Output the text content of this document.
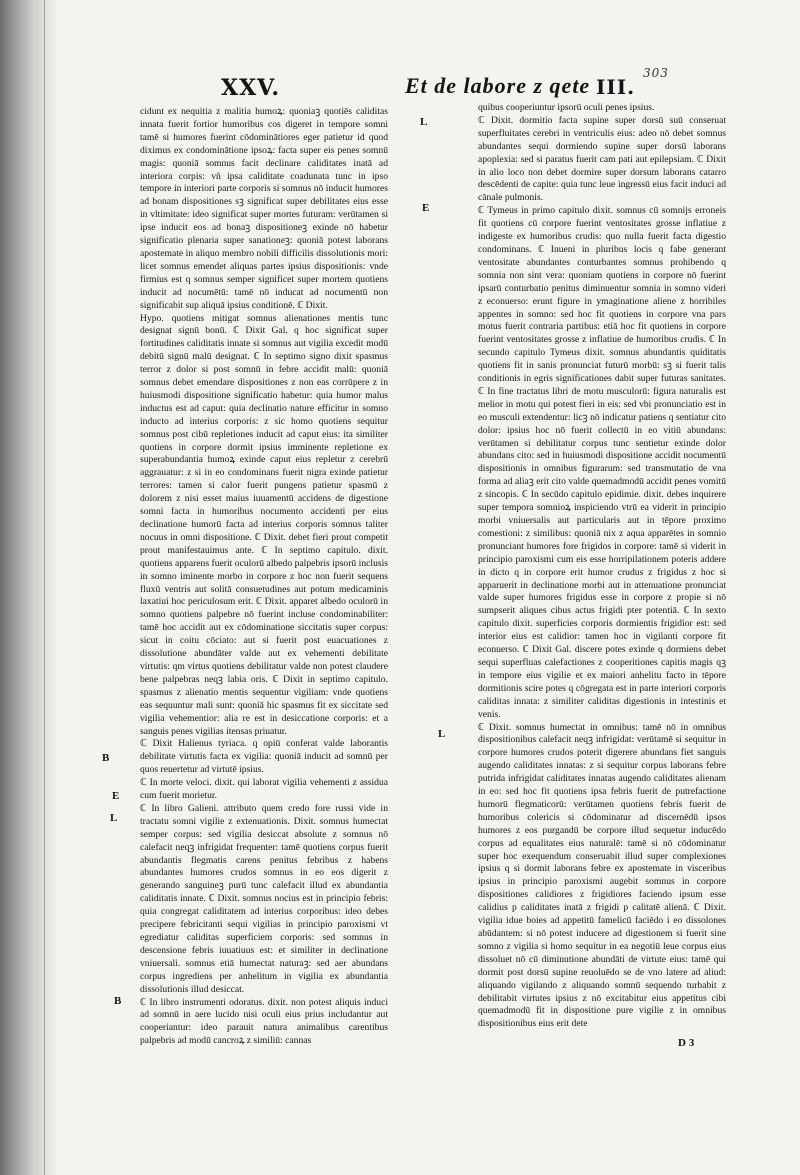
XXV.	Et de labore z qete III.
303

cidunt ex nequitia z malitia humoꝝ: quoniaꝫ quotiēs caliditas innata fuerit fortior humoribus cos digeret in tempore somni tamē si humores fuerint cōdominātiores eger patietur id quod diximus ex condominātione ipsoꝝ: facta super eis penes somnū magis: quoniā somnus facit declinare caliditates inatā ad interiora corpis: vñ ipsa caliditate coadunata tunc in ipso tempore in interiori parte corporis si somnus nō inducit humores ad bonam dispositiones sꝫ significat super debilitates eius esse in vltimitate: ideo significat super mortes futuram: verūtamen si ipse inducit eos ad bonaꝫ dispositioneꝫ exinde nō habetur significatio plenaria super sanationeꝫ: quoniā potest laborans apostemate in aliquo membro nobili difficilis dissolutionis mori: licet somnus emendet aliquas partes ipsius dispositionis: vnde firmius est q somnus semper significet super mortem quotiens inducit ad nocumētū: tamē nō inducat ad nocumentū non significabit sup aliquā ipsius conditionē. ℂ Dixit.

Hypo. quotiens mitigat somnus alienationes mentis tunc designat signū bonū. ℂ Dixit Gal. q hoc significat super fortitudines caliditatis innate si somnus aut vigilia excedit modū debitū signū malū designat. ℂ In septimo signo dixit spasmus terror z dolor si post somnū in febre accidit malū: quoniā somnus debet emendare dispositiones z non eas corrūpere z in huiusmodi dispositione significatio habetur: quia humor malus inductus est ad caput: quia declinatio nature efficitur in somno inducto ad interius corporis: z sic homo quotiens sequitur somnus post cibū repletiones inducit ad caput eius: ita similiter quotiens in corpore dormit ipsius imminente repletione ex superabundantia humoꝝ exinde caput eius repletur z cerebrū aggrauatur: z si in eo condominans fuerit nigra exinde patietur terrores: tamen si calor fuerit pungens patietur spasmū z dolorem z nisi esset maius iuuamentū accidens de digestione somni facta in humoribus nocumento accidenti per eius declinatione humorū facta ad interius corporis somnus taliter nocuus in omni dispositione. ℂ Dixit. debet fieri prout competit prout manifestauimus ante. ℂ In septimo capitulo. dixit. quotiens apparens fuerit oculorū albedo palpebris ipsorū inclusis in somno iminente morbo in corpore z hoc non fuerit sequens fluxū ventris aut solitā consuetudines aut potum medicaminis laxatiui hoc periculosum erit. ℂ Dixit. apparet albedo oculorū in somno quotiens palpebre nō fuerint incluse condominabiliter: tamē hoc accidit aut ex cōdominatione siccitatis super corpus: sicut in coitu cōciato: aut si fuerit post euacuationes z dissolutione abundāter valde aut ex vehementi debilitate virtutis: qm virtus quotiens debilitatur valde non potest claudere bene palpebras neqꝫ labia oris. ℂ Dixit in septimo capitulo. spasmus z alienatio mentis sequentur vigiliam: vnde quotiens eas sequuntur mali sunt: quoniā hic spasmus fit ex siccitate sed vigilia vehementior: alia re est in desiccatione corporis: et a sanguis penes vigilias itensas priuatur.

ℂ Dixit Halienus tyriaca. q opiū conferat valde laborantis debilitate virtutis facta ex vigilia: quoniā inducit ad somnū per quos reuertetur ad virtutē ipsius.

ℂ In morte veloci. dixit. qui laborat vigilia vehementi z assidua cum fuerit morietur.

ℂ In libro Galieni. attributo quem credo fore russi vide in tractatu somni vigilie z extenuationis. Dixit. somnus humectat semper corpus: sed vigilia desiccat absolute z somnus nō calefacit neqꝫ infrigidat frequenter: tamē quotiens corpus fuerit abundantis flegmatis carens penitus febribus z habens abundantes humores crudos somnus in eo eos digerit z generando sanguineꝫ purū tunc calefacit illud ex abundantia caliditatis innate. ℂ Dixit. somnus nocius est in principio febris: quia congregat caliditatem ad interius corporibus: ideo debes precipere febricitanti sequi vigilias in principio paroxismi vt egrediatur caliditas superficiem corporis: sed somnus in descensione febris iuuatiuus est: et similiter in declinatione vniuersali. somnus etiā humectat naturaꝫ: sed aer abundans corpus ingrediens per anhelitum in vigilia ex abundantia dissolutionis illud desiccat.

ℂ In libro instrumenti odoratus. dixit. non potest aliquis induci ad somnū in aere lucido nisi oculi eius prius includantur aut cooperiantur: ideo parauit natura animalibus carentibus palpebris ad modū cancroꝝ z similiū: cannas

B
E
L
B

quibus cooperiuntur ipsorū oculi penes ipsius.

ℂ Dixit. dormitio facta supine super dorsū suū conseruat superfluitates cerebri in ventriculis eius: adeo nō debet somnus abundantes sequi dormiendo supine super dorsū laborans apoplexia: sed si paratus fuerit cam pati aut epilepsiam. ℂ Dixit in alio loco non debet dormire super dorsum laborans catarro descēdenti de capite: quia tunc leue ingressū eius facit induci ad cānale pulmonis.

ℂ Tymeus in primo capitulo dixit. somnus cū somnijs erroneis fit quotiens cū corpore fuerint ventositates grosse inflatiue z indigeste ex humoribus crudis: quo nulla fuerit facta digestio condominans. ℂ Inueni in pluribus locis q fabe generant ventositate abundantes conturbantes somnus prohibendo q somnia non sint vera: quoniam quotiens in corpore nō fuerint ipsarū conturbatio penitus diminuentur somnia in somno videri z econuerso: erunt figure in ymaginatione aliene z horribiles appentes in somno: sed hoc fit quotiens in corpore vna pars motus fuerit contraria partibus: etiā hoc fit quotiens in corpore fuerint ventositates grosse z inflatiue de humoribus crudis. ℂ In secundo capitulo Tymeus dixit. somnus abundantis quiditatis quotiens fit in sanis pronunciat futurū morbū: sꝫ si fuerit talis conditionis in egris significationes dabit super futuras sanitates. ℂ In fine tractatus libri de motu musculorū: figura naturalis est melior in motu qui potest fieri in eis: sed vbi pronunciatio est in eo musculi extendentur: licꝫ nō indicatur patiens q sentiatur cito dolor: ipsius hoc nō fuerit collectū in eo vitiū abundans: verūtamen si debilitatur corpus tunc sentietur exinde dolor abundans cito: sed in huiusmodi dispositione accidit nocumentū dispositionis in omnibus figurarum: sed transmutatio de vna forma ad aliaꝫ erit cito valde quemadmodū accidit penes vomitū z sincopis. ℂ In secūdo capitulo epidimie. dixit. debes inquirere super tempora somnioꝝ inspiciendo vtrū ea viderit in principio morbi vniuersalis aut particularis aut in tēpore proximo comestioni: z similibus: quoniā nix z aqua apparētes in somnio pronunciant humores fore frigidos in corpore: tamē si viderit in principio paroxismi cum eis esse horripilationem poteris addere in dicto q in corpore erit humor crudus z frigidus z hoc si apparuerit in declinatione morbi aut in attenuatione pronunciat valde super humores frigidus esse in corpore z propie si nō sumpserit aliques cibus actus frigidi pter potentiā. ℂ In sexto capitulo dixit. superficies corporis dormientis frigidior est: sed interior eius est calidior: tamen hoc in vigilanti corpore fit econuerso. ℂ Dixit Gal. discere potes exinde q dormiens debet sequi superfluas calefactiones z cooperitiones capitis magis qꝫ in tempore eius vigilie et ex maiori anhelitu facto in tēpore dormitionis scire potes q cōgregata est in parte interiori corporis caliditas innata: z similiter caliditas digestionis in intestinis et venis.

ℂ Dixit. somnus humectat in omnibus: tamē nō in omnibus dispositionibus calefacit neqꝫ infrigidat: verūtamē si sequitur in corpore humores crudos poterit digerere abundans fiet sanguis augendo caliditates innatas: z si sequitur corpus laborans febre putrida infrigidat caliditates innatas augendo caliditates alienam in eo: sed hoc fit quotiens ipsa febris fuerit de putrefactione humorū flegmaticorū: verūtamen quotiens febris fuerit de humoribus colericis si cōdominatur ad discernēdū ipsos humores z eos purgandū be corpore illud sequetur inducēdo corpus ad equalitates eius naturalē: tamē si nō cōdominatur super hoc exequendum conseruabit illud super complexiones ipsius q si dormit laborans febre ex apostemate in visceribus ipsius in principio paroxismi augebit somnus in corpore dispositiones calidiores z frigidiores faciendo ipsum esse calidius p caliditates inatā z frigidi p calitatē alienā. ℂ Dixit. vigilia idue boies ad appetitū famelicū faciēdo i eo dissolones abūdantem: si nō potest inducere ad digestionem si fuerit sine somno z vigilia si homo sequitur in ea negotiū leue corpus eius dissoluet nō cū diminutione abundāti de virtute eius: tamē qui dormit post dorsū supine reuoluēdo se de vno latere ad aliud: aliquando vigilando z aliquando somnū sequendo turbabit z debilitabit virtutes ipsius z nō excitabitur eius appetitus cibi quemadmodū fit in dispositione pure vigilie z in omnibus dispositionibus eius erit dete

L
E
L
D 3
